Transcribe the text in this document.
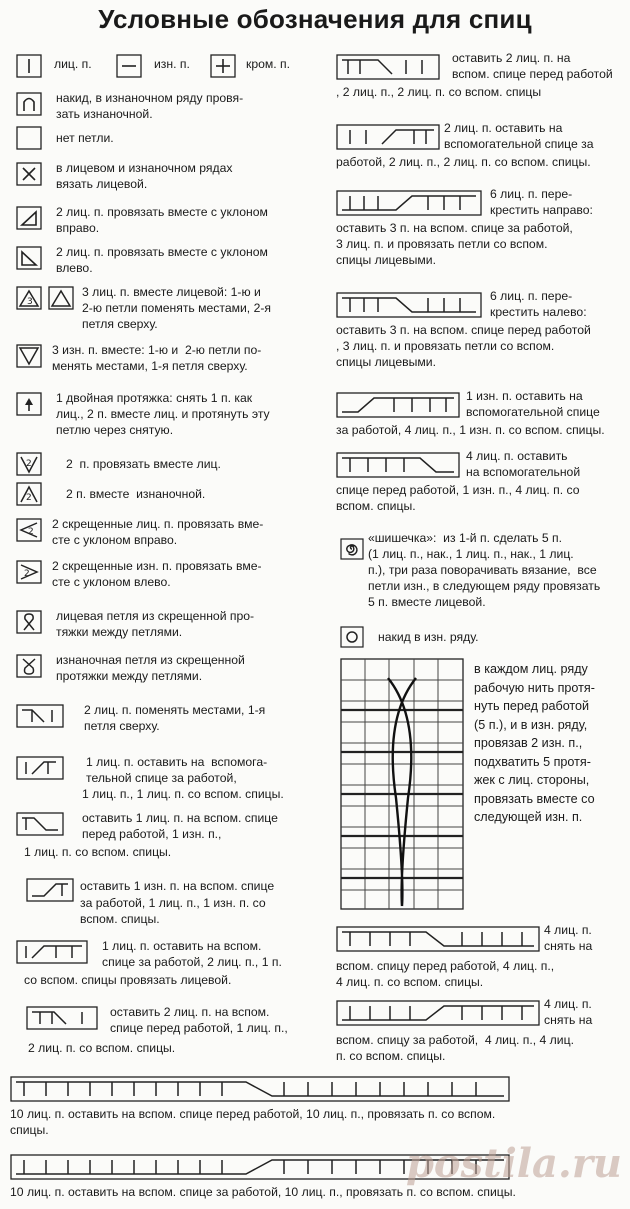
Условные обозначения для спиц
лиц. п.	изн. п.	кром. п.
накид, в изнаночном ряду провя-
зать изнаночной.
нет петли.
в лицевом и изнаночном рядах
вязать лицевой.
2 лиц. п. провязать вместе с уклоном
вправо.
2 лиц. п. провязать вместе с уклоном
влево.
3
3 лиц. п. вместе лицевой: 1-ю и
2-ю петли поменять местами, 2-я
петля сверху.
3 изн. п. вместе: 1-ю и  2-ю петли по-
менять местами, 1-я петля сверху.
1 двойная протяжка: снять 1 п. как
лиц., 2 п. вместе лиц. и протянуть эту
петлю через снятую.
2	2  п. провязать вместе лиц.
2	2 п. вместе  изнаночной.
2
2 скрещенные лиц. п. провязать вме-
сте с уклоном вправо.
2
2 скрещенные изн. п. провязать вме-
сте с уклоном влево.
лицевая петля из скрещенной про-
тяжки между петлями.
изнаночная петля из скрещенной
протяжки между петлями.
2 лиц. п. поменять местами, 1-я
петля сверху.
1 лиц. п. оставить на  вспомога-
тельной спице за работой,
1 лиц. п., 1 лиц. п. со вспом. спицы.
оставить 1 лиц. п. на вспом. спице
перед работой, 1 изн. п.,
1 лиц. п. со вспом. спицы.
оставить 1 изн. п. на вспом. спице
за работой, 1 лиц. п., 1 изн. п. со
вспом. спицы.
1 лиц. п. оставить на вспом.
спице за работой, 2 лиц. п., 1 п.
со вспом. спицы провязать лицевой.
оставить 2 лиц. п. на вспом.
спице перед работой, 1 лиц. п.,
2 лиц. п. со вспом. спицы.
оставить 2 лиц. п. на
вспом. спице перед работой
, 2 лиц. п., 2 лиц. п. со вспом. спицы
2 лиц. п. оставить на
вспомогательной спице за
работой, 2 лиц. п., 2 лиц. п. со вспом. спицы.
6 лиц. п. пере-
крестить направо:
оставить 3 п. на вспом. спице за работой,
3 лиц. п. и провязать петли со вспом.
спицы лицевыми.
6 лиц. п. пере-
крестить налево:
оставить 3 п. на вспом. спице перед работой
, 3 лиц. п. и провязать петли со вспом.
спицы лицевыми.
1 изн. п. оставить на
вспомогательной спице
за работой, 4 лиц. п., 1 изн. п. со вспом. спицы.
4 лиц. п. оставить
на вспомогательной
спице перед работой, 1 изн. п., 4 лиц. п. со
вспом. спицы.
«шишечка»:  из 1-й п. сделать 5 п.
(1 лиц. п., нак., 1 лиц. п., нак., 1 лиц.
п.), три раза поворачивать вязание,  все
петли изн., в следующем ряду провязать
5 п. вместе лицевой.
накид в изн. ряду.
в каждом лиц. ряду
рабочую нить протя-
нуть перед работой
(5 п.), и в изн. ряду,
провязав 2 изн. п.,
подхватить 5 протя-
жек с лиц. стороны,
провязать вместе со
следующей изн. п.
4 лиц. п.
снять на
вспом. спицу перед работой, 4 лиц. п.,
4 лиц. п. со вспом. спицы.
4 лиц. п.
снять на
вспом. спицу за работой,  4 лиц. п., 4 лиц.
п. со вспом. спицы.
10 лиц. п. оставить на вспом. спице перед работой, 10 лиц. п., провязать п. со вспом.
спицы.
10 лиц. п. оставить на вспом. спице за работой, 10 лиц. п., провязать п. со вспом. спицы.
postila.ru
